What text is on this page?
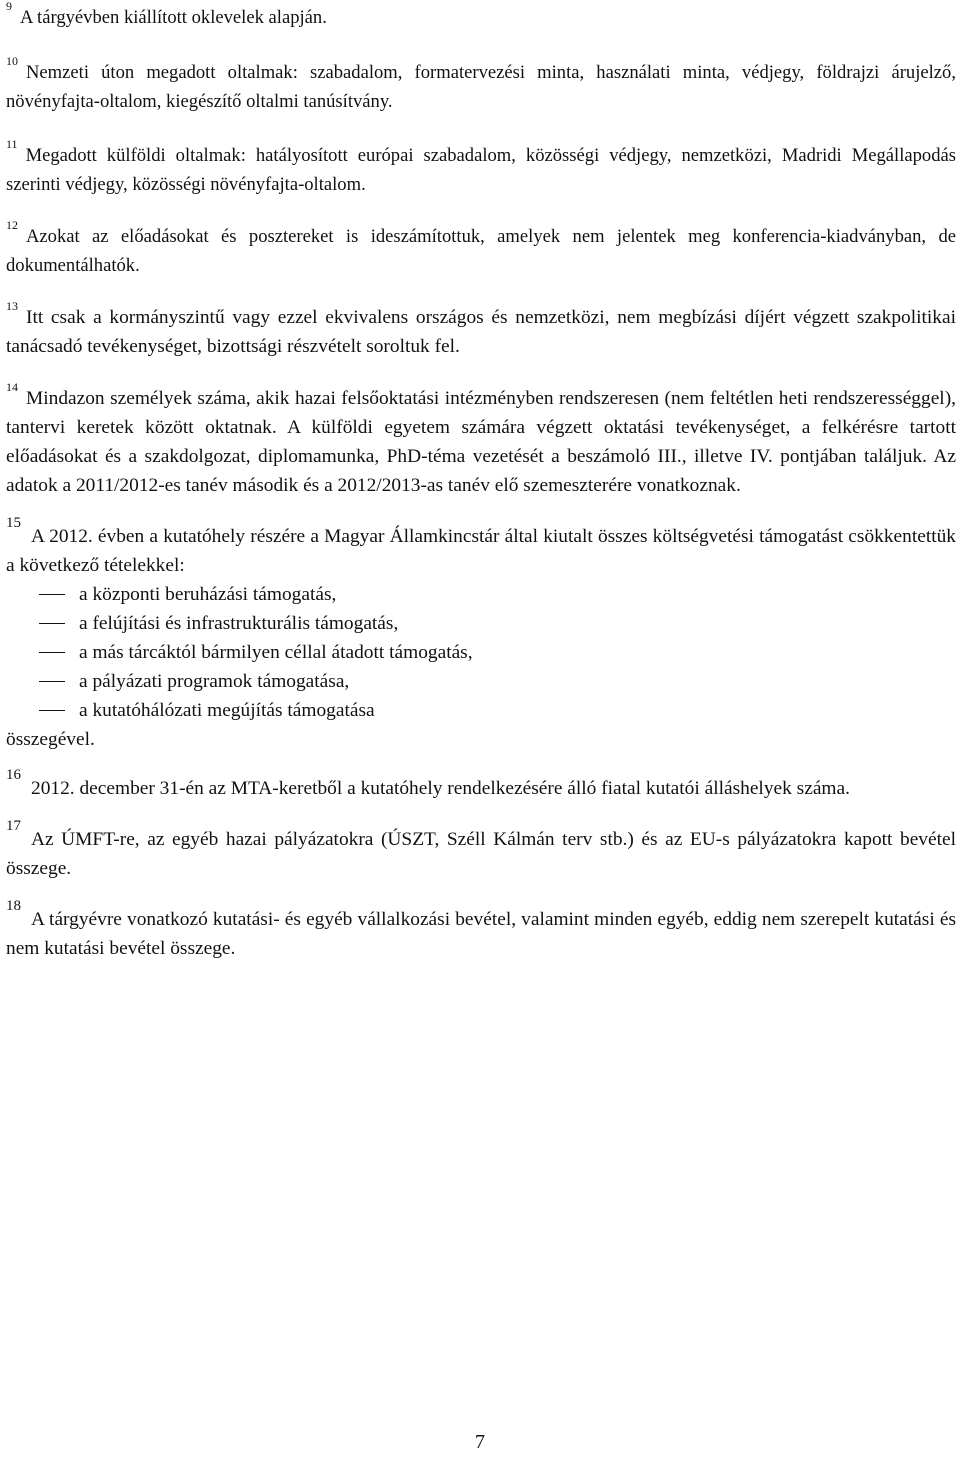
$^9$A tárgyévben kiállított oklevelek alapján.

$^{10}$Nemzeti úton megadott oltalmak: szabadalom, formatervezési minta, használati minta, védjegy, földrajzi árujelző, növényfajta-oltalom, kiegészítő oltalmi tanúsítvány.

$^{11}$Megadott külföldi oltalmak: hatályosított európai szabadalom, közösségi védjegy, nemzetközi, Madridi Megállapodás szerinti védjegy, közösségi növényfajta-oltalom.

$^{12}$Azokat az előadásokat és posztereket is ideszámítottuk, amelyek nem jelentek meg konferencia-kiadványban, de dokumentálhatók.

$^{13}$Itt csak a kormányszintű vagy ezzel ekvivalens országos és nemzetközi, nem megbízási díjért végzett szakpolitikai tanácsadó tevékenységet, bizottsági részvételt soroltuk fel.

$^{14}$Mindazon személyek száma, akik hazai felsőoktatási intézményben rendszeresen (nem feltétlen heti rendszerességgel), tantervi keretek között oktatnak. A külföldi egyetem számára végzett oktatási tevékenységet, a felkérésre tartott előadásokat és a szakdolgozat, diplomamunka, PhD-téma vezetését a beszámoló III., illetve IV. pontjában találjuk. Az adatok a 2011/2012-es tanév második és a 2012/2013-as tanév elő szemeszterére vonatkoznak.

$^{15}$A 2012. évben a kutatóhely részére a Magyar Államkincstár által kiutalt összes költségvetési támogatást csökkentettük a következő tételekkel:

a központi beruházási támogatás,
a felújítási és infrastrukturális támogatás,
a más tárcáktól bármilyen céllal átadott támogatás,
a pályázati programok támogatása,
a kutatóhálózati megújítás támogatása

összegével.

$^{16}$2012. december 31-én az MTA-keretből a kutatóhely rendelkezésére álló fiatal kutatói álláshelyek száma.

$^{17}$Az ÚMFT-re, az egyéb hazai pályázatokra (ÚSZT, Széll Kálmán terv stb.) és az EU-s pályázatokra kapott bevétel összege.

$^{18}$A tárgyévre vonatkozó kutatási- és egyéb vállalkozási bevétel, valamint minden egyéb, eddig nem szerepelt kutatási és nem kutatási bevétel összege.

7
